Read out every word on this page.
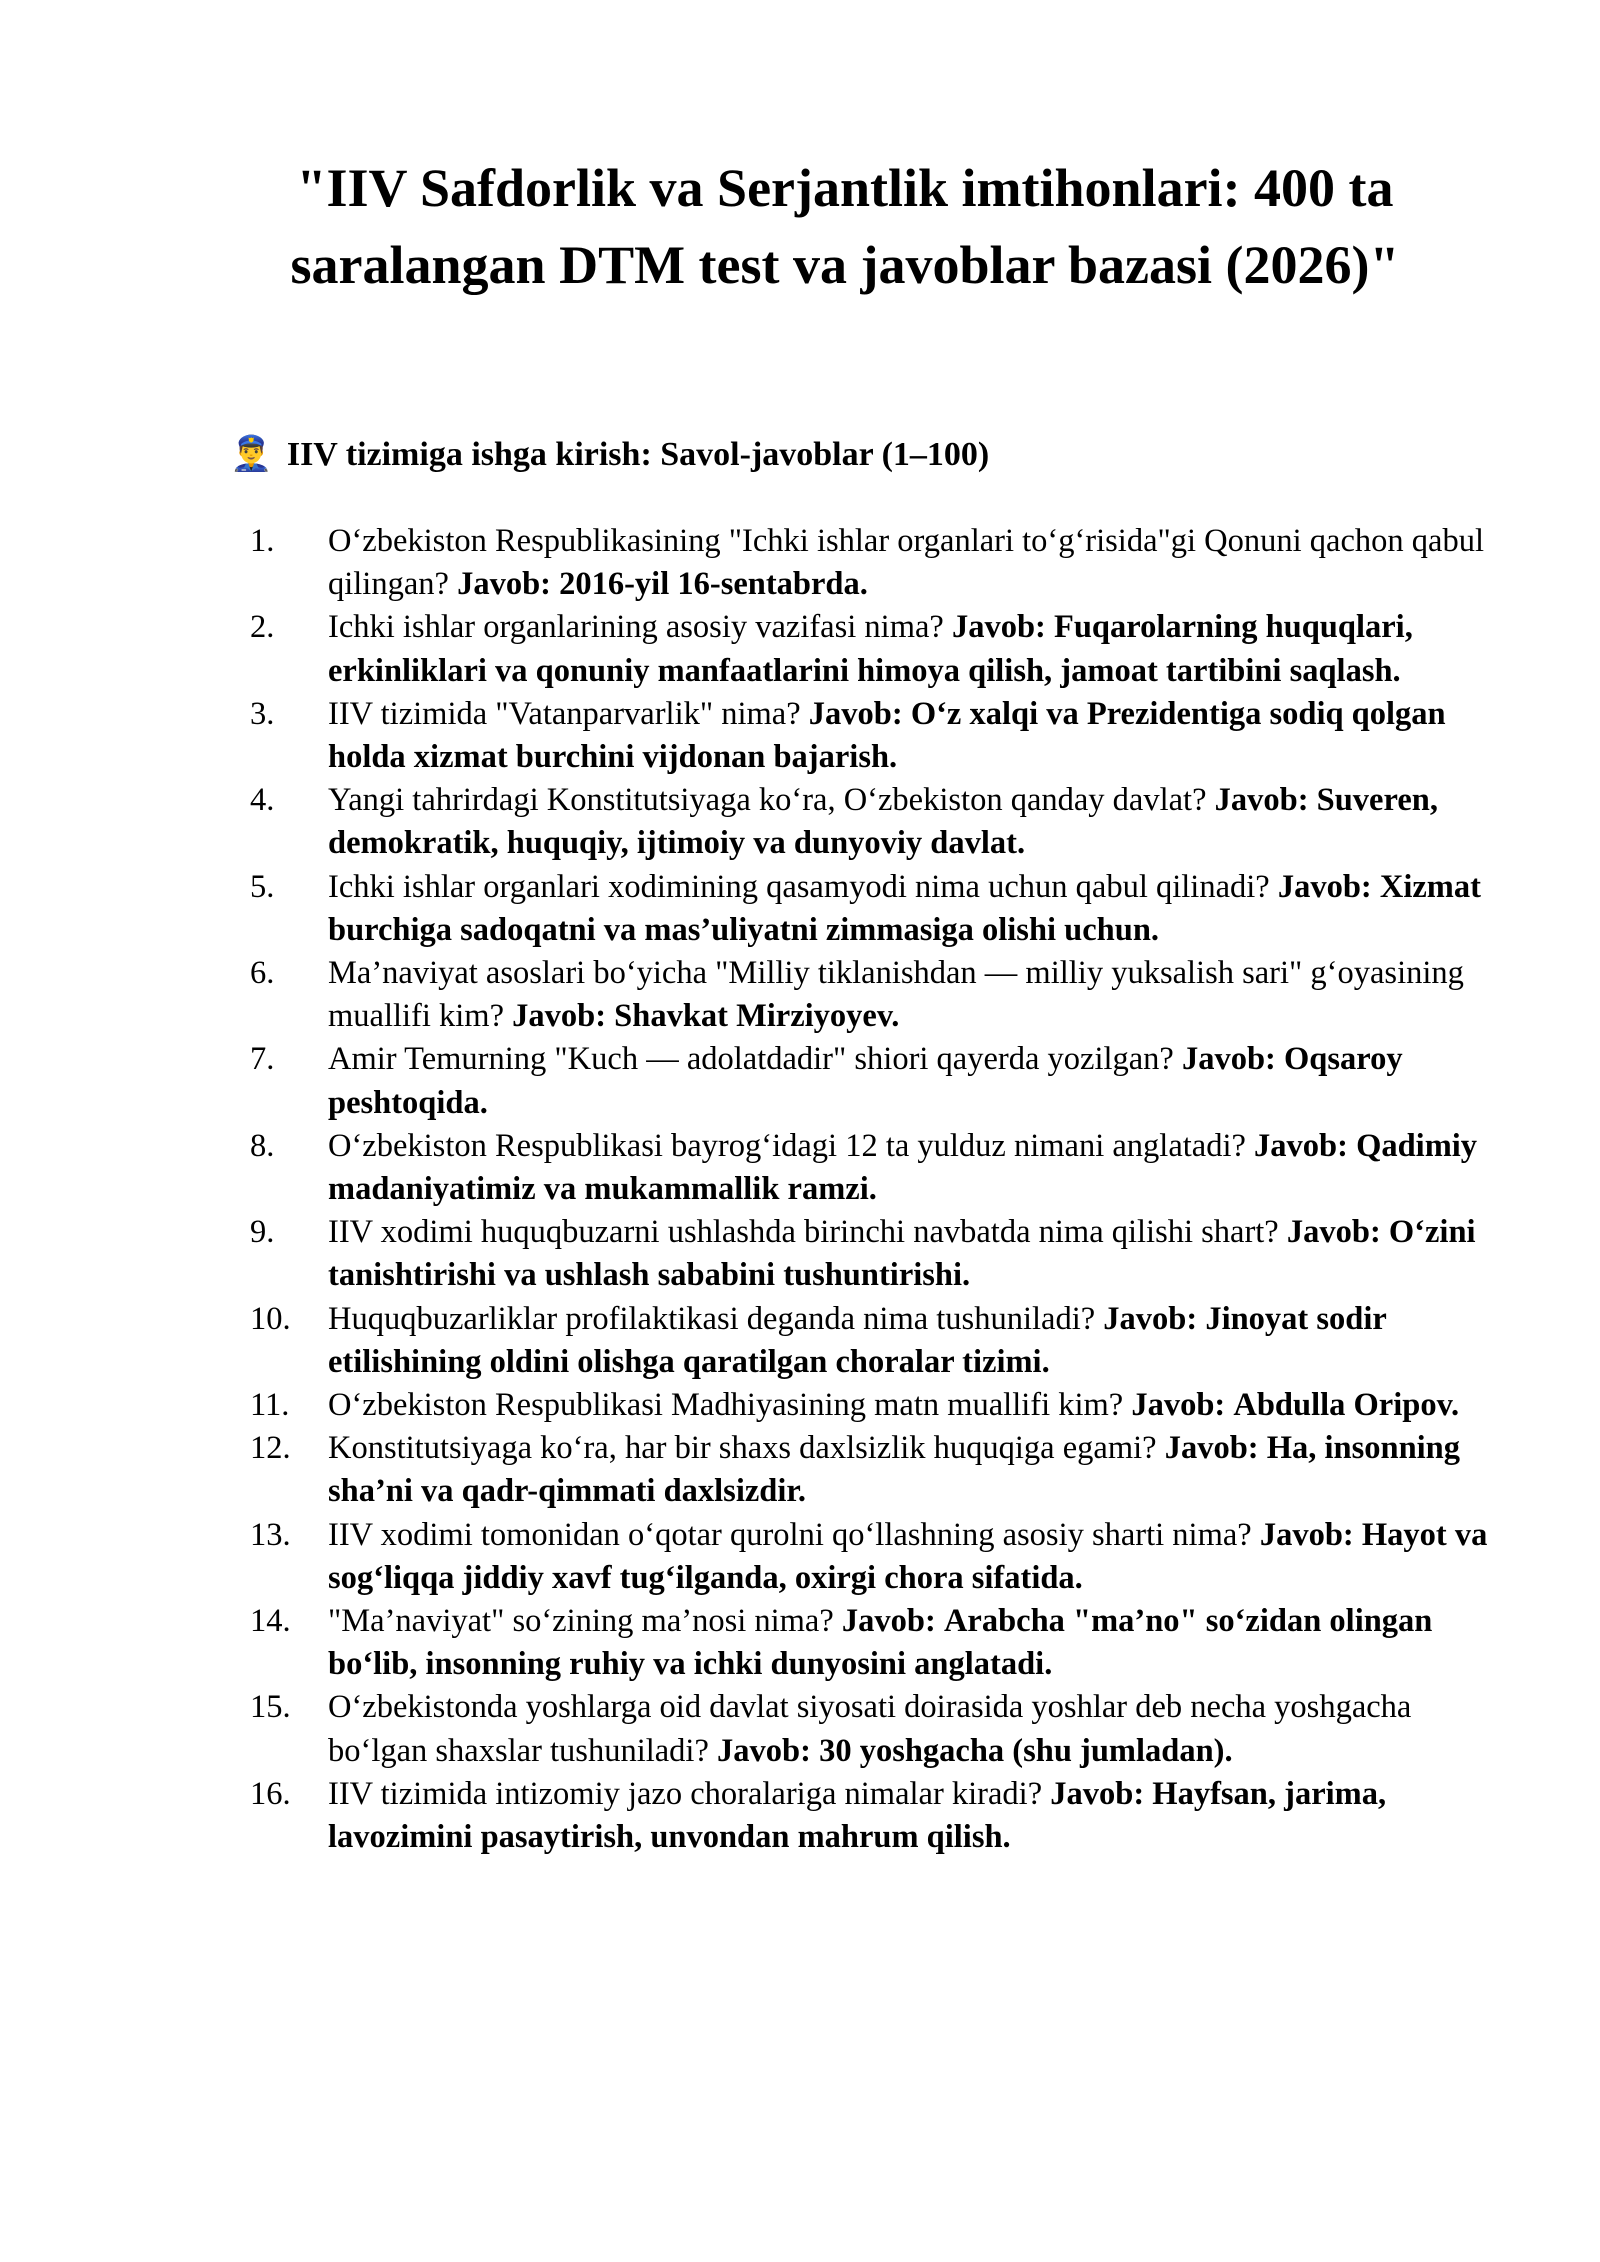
"IIV Safdorlik va Serjantlik imtihonlari: 400 ta saralangan DTM test va javoblar bazasi (2026)"
👮‍♂️ IIV tizimiga ishga kirish: Savol-javoblar (1–100)
1. O‘zbekiston Respublikasining "Ichki ishlar organlari to‘g‘risida"gi Qonuni qachon qabul qilingan? Javob: 2016-yil 16-sentabrda.
2. Ichki ishlar organlarining asosiy vazifasi nima? Javob: Fuqarolarning huquqlari, erkinliklari va qonuniy manfaatlarini himoya qilish, jamoat tartibini saqlash.
3. IIV tizimida "Vatanparvarlik" nima? Javob: O‘z xalqi va Prezidentiga sodiq qolgan holda xizmat burchini vijdonan bajarish.
4. Yangi tahrirdagi Konstitutsiyaga ko‘ra, O‘zbekiston qanday davlat? Javob: Suveren, demokratik, huquqiy, ijtimoiy va dunyoviy davlat.
5. Ichki ishlar organlari xodimining qasamyodi nima uchun qabul qilinadi? Javob: Xizmat burchiga sadoqatni va mas’uliyatni zimmasiga olishi uchun.
6. Ma’naviyat asoslari bo‘yicha "Milliy tiklanishdan — milliy yuksalish sari" g‘oyasining muallifi kim? Javob: Shavkat Mirziyoyev.
7. Amir Temurning "Kuch — adolatdadir" shiori qayerda yozilgan? Javob: Oqsaroy peshtoqida.
8. O‘zbekiston Respublikasi bayrog‘idagi 12 ta yulduz nimani anglatadi? Javob: Qadimiy madaniyatimiz va mukammallik ramzi.
9. IIV xodimi huquqbuzarni ushlashda birinchi navbatda nima qilishi shart? Javob: O‘zini tanishtirishi va ushlash sababini tushuntirishi.
10. Huquqbuzarliklar profilaktikasi deganda nima tushuniladi? Javob: Jinoyat sodir etilishining oldini olishga qaratilgan choralar tizimi.
11. O‘zbekiston Respublikasi Madhiyasining matn muallifi kim? Javob: Abdulla Oripov.
12. Konstitutsiyaga ko‘ra, har bir shaxs daxlsizlik huquqiga egami? Javob: Ha, insonning sha’ni va qadr-qimmati daxlsizdir.
13. IIV xodimi tomonidan o‘qotar qurolni qo‘llashning asosiy sharti nima? Javob: Hayot va sog‘liqqa jiddiy xavf tug‘ilganda, oxirgi chora sifatida.
14. "Ma’naviyat" so‘zining ma’nosi nima? Javob: Arabcha "ma’no" so‘zidan olingan bo‘lib, insonning ruhiy va ichki dunyosini anglatadi.
15. O‘zbekistonda yoshlarga oid davlat siyosati doirasida yoshlar deb necha yoshgacha bo‘lgan shaxslar tushuniladi? Javob: 30 yoshgacha (shu jumladan).
16. IIV tizimida intizomiy jazo choralariga nimalar kiradi? Javob: Hayfsan, jarima, lavozimini pasaytirish, unvondan mahrum qilish.
